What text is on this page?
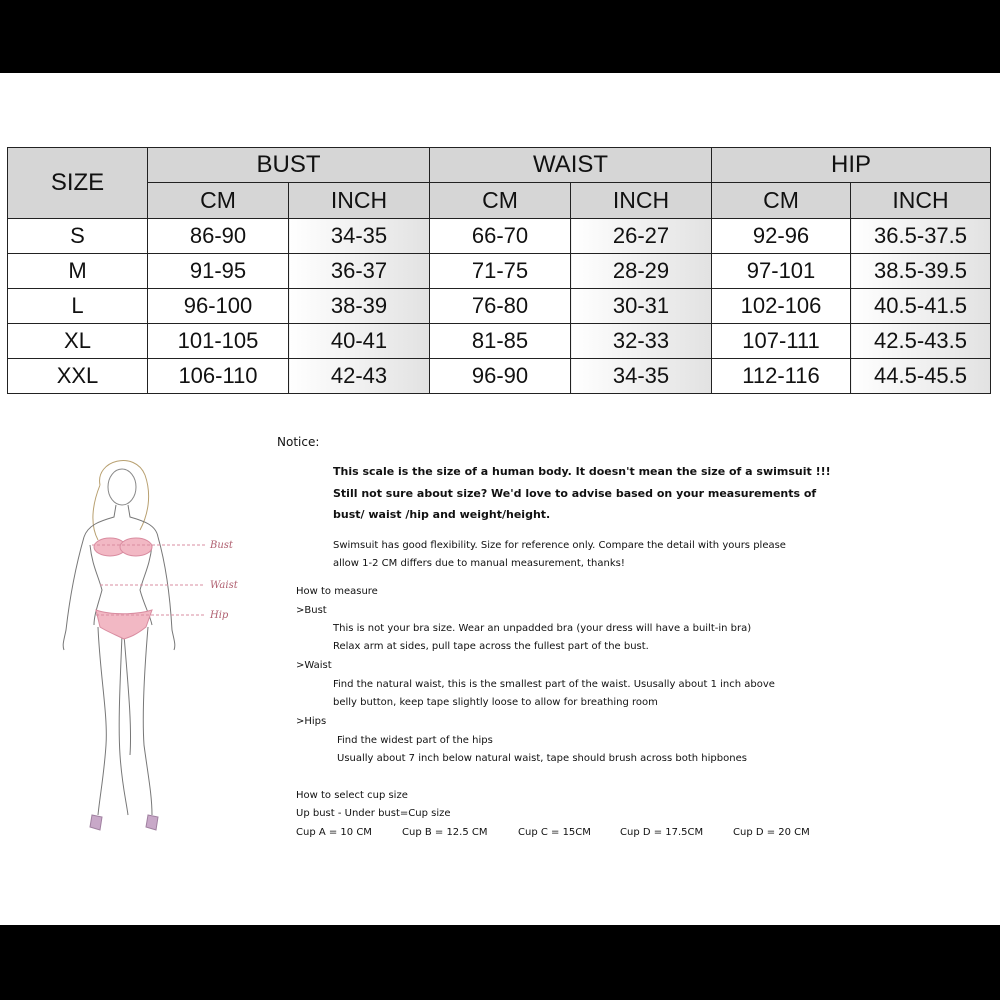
SIZE	BUST		WAIST		HIP	
	CM	INCH	CM	INCH	CM	INCH
S	86-90	34-35	66-70	26-27	92-96	36.5-37.5
M	91-95	36-37	71-75	28-29	97-101	38.5-39.5
L	96-100	38-39	76-80	30-31	102-106	40.5-41.5
XL	101-105	40-41	81-85	32-33	107-111	42.5-43.5
XXL	106-110	42-43	96-90	34-35	112-116	44.5-45.5
Bust
Waist
Hip
Notice:
This scale is the size of a human body. It doesn't mean the size of a swimsuit !!!
Still not sure about size? We'd love to advise based on your measurements of
bust/ waist /hip and weight/height.
Swimsuit has good flexibility. Size for reference only. Compare the detail with yours please
allow 1-2 CM differs due to manual measurement, thanks!
How to measure
>Bust
This is not your bra size. Wear an unpadded bra (your dress will have a built-in bra)
Relax arm at sides, pull tape across the fullest part of the bust.
>Waist
Find the natural waist, this is the smallest part of the waist. Ususally about 1 inch above
belly button, keep tape slightly loose to allow for breathing room
>Hips
Find the widest part of the hips
Usually about 7 inch below natural waist, tape should brush across both hipbones
How to select cup size
Up bust - Under bust=Cup size
Cup A = 10 CM	Cup B = 12.5 CM	Cup C = 15CM	Cup D = 17.5CM	Cup D = 20 CM
